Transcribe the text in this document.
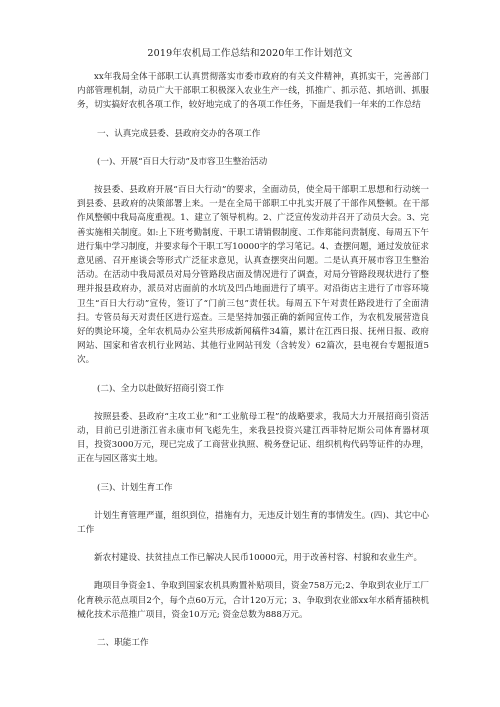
2019年农机局工作总结和2020年工作计划范文
xx年我局全体干部职工认真贯彻落实市委市政府的有关文件精神，真抓实干，完善部门内部管理机制，动员广大干部职工积极深入农业生产一线，抓推广、抓示范、抓培训、抓服务，切实搞好农机各项工作，较好地完成了的各项工作任务，下面是我们一年来的工作总结
一、认真完成县委、县政府交办的各项工作
(一)、开展“百日大行动”及市容卫生整治活动
按县委、县政府开展“百日大行动”的要求，全面动员，使全局干部职工思想和行动统一到县委、县政府的决策部署上来。一是在全局干部职工中扎实开展了干部作风整顿。在干部作风整顿中我局高度重视。1、建立了领导机构。2、广泛宣传发动并召开了动员大会。3、完善实施相关制度。如:上下班考勤制度、干职工请销假制度、工作郑能问责制度、每周五下午进行集中学习制度，并要求每个干职工写10000字的学习笔记。4、查摆问题，通过发放征求意见函、召开座谈会等形式广泛征求意见，认真查摆突出问题。二是认真开展市容卫生整治活动。在活动中我局派员对局分管路段店面及情况进行了调查，对局分管路段现状进行了整理并报县政府办，派员对店面前的水坑及凹凸地面进行了填平。对沿街店主进行了市容环境卫生“百日大行动”宣传，签订了“门前三包”责任状。每周五下午对责任路段进行了全面清扫。专管员每天对责任区进行巡查。三是坚持加强正确的新闻宣传工作，为农机发展营造良好的舆论环境，全年农机局办公室共形成新闻稿件34篇，累计在江西日报、抚州日报、政府网站、国家和省农机行业网站、其他行业网站刊发（含转发）62篇次，县电视台专题报道5次。
(二)、全力以赴做好招商引资工作
按照县委、县政府“主攻工业”和“工业航母工程”的战略要求，我局大力开展招商引资活动，目前已引进浙江省永康市何飞彪先生，来我县投资兴建江西菲特尼斯公司体育器材项目，投资3000万元，现已完成了工商营业执照、税务登记证、组织机构代码等证件的办理，正在与园区落实土地。
(三)、计划生育工作
计划生育管理严谨，组织到位，措施有力，无违反计划生育的事情发生。(四)、其它中心工作
新农村建设、扶贫挂点工作已解决人民币10000元，用于改善村容、村貌和农业生产。
跑项目争资金1、争取到国家农机具购置补贴项目，资金758万元;2、争取到农业厅工厂化育秧示范点项目2个，每个点60万元，合计120万元；3、争取到农业部xx年水稻育插秧机械化技术示范推广项目，资金10万元; 资金总数为888万元。
二、职能工作
